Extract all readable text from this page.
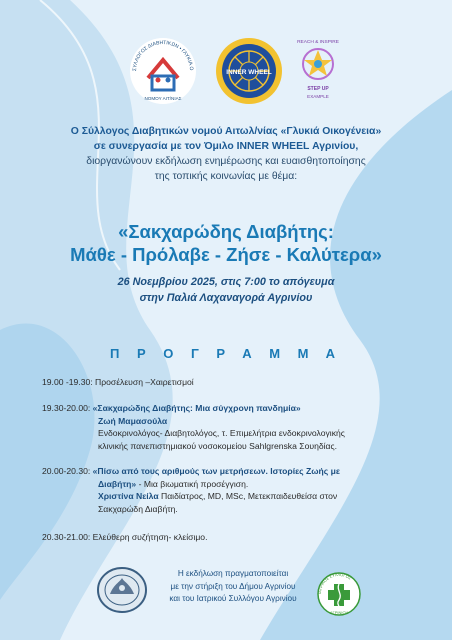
ΣΥΛΛΟΓΟΣ ΔΙΑΒΗΤΙΚΩΝ • ΓΛΥΚΙΑ Ο
ΝΟΜΟΥ ΑΙΤ/ΝΙΑΣ
INNER WHEEL
REACH & INSPIRE
STEP UP
EXAMPLE
Ο Σύλλογος Διαβητικών νομού Αιτωλ/νίας «Γλυκιά Οικογένεια»
σε συνεργασία με τον Όμιλο INNER WHEEL Αγρινίου,
διοργανώνουν εκδήλωση ενημέρωσης και ευαισθητοποίησης
της τοπικής κοινωνίας με θέμα:
«Σακχαρώδης Διαβήτης:
Μάθε - Πρόλαβε - Ζήσε - Καλύτερα»
26 Νοεμβρίου 2025, στις 7:00 το απόγευμα
στην Παλιά Λαχαναγορά Αγρινίου
Π Ρ Ο Γ Ρ Α Μ Μ Α
19.00 -19.30: Προσέλευση –Χαιρετισμοί
19.30-20.00: «Σακχαρώδης Διαβήτης: Μια σύγχρονη πανδημία»
Ζωή Μαμασούλα
Ενδοκρινολόγος- Διαβητολόγος, τ. Επιμελήτρια ενδοκρινολογικής
κλινικής πανεπιστημιακού νοσοκομείου Sahlgrenska Σουηδίας.
20.00-20.30: «Πίσω από τους αριθμούς των μετρήσεων. Ιστορίες Ζωής με
Διαβήτη» - Μια βιωματική προσέγγιση.
Χριστίνα Νείλα Παιδίατρος, MD, MSc, Μετεκπαιδευθείσα στον
Σακχαρώδη Διαβήτη.
20.30-21.00: Ελεύθερη συζήτηση- κλείσιμο.
Η εκδήλωση πραγματοποιείται
με την στήριξη του Δήμου Αγρινίου
και του Ιατρικού Συλλόγου Αγρινίου
ΙΑΤΡΙΚΟΣ ΣΥΛΛΟΓΟΣ
ΑΓΡΙΝΙΟΥ
